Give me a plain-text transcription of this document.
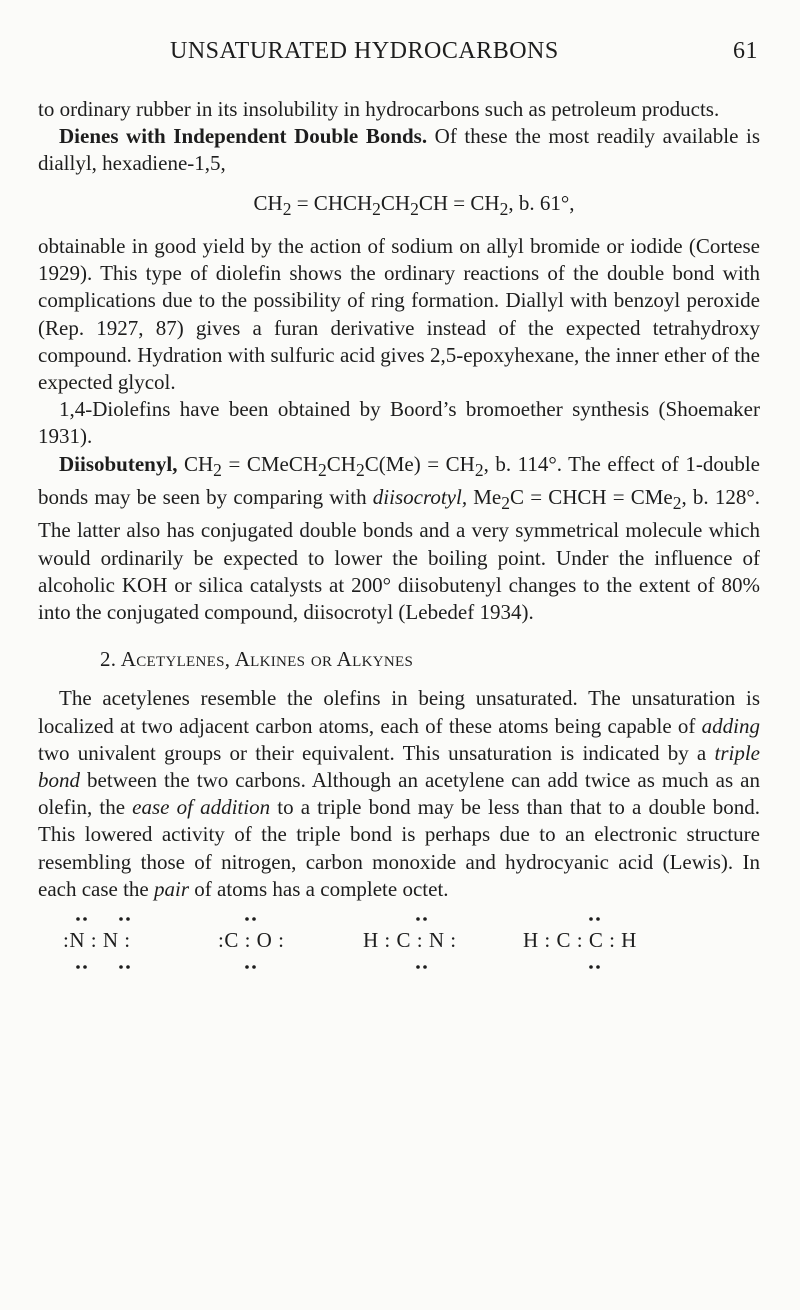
UNSATURATED HYDROCARBONS	61

to ordinary rubber in its insolubility in hydrocarbons such as petroleum products.

Dienes with Independent Double Bonds. Of these the most readily available is diallyl, hexadiene-1,5,

$CH_2$ = $CHCH_2CH_2CH = CH_2$, b. 61°,

obtainable in good yield by the action of sodium on allyl bromide or iodide (Cortese 1929). This type of diolefin shows the ordinary reactions of the double bond with complications due to the possibility of ring formation. Diallyl with benzoyl peroxide (Rep. 1927, 87) gives a furan derivative instead of the expected tetrahydroxy compound. Hydration with sulfuric acid gives 2,5-epoxyhexane, the inner ether of the expected glycol.

1,4-Diolefins have been obtained by Boord’s bromoether synthesis (Shoemaker 1931).

Diisobutenyl, $CH_2$ = $CMeCH_2CH_2C(Me) = CH_2$, b. 114°. The effect of 1-double bonds may be seen by comparing with diisocrotyl, $Me_2C$ = CHCH = CMe$_2$, b. 128°. The latter also has conjugated double bonds and a very symmetrical molecule which would ordinarily be expected to lower the boiling point. Under the influence of alcoholic KOH or silica catalysts at 200° diisobutenyl changes to the extent of 80% into the conjugated compound, diisocrotyl (Lebedef 1934).

2. Acetylenes, Alkines or Alkynes

The acetylenes resemble the olefins in being unsaturated. The unsaturation is localized at two adjacent carbon atoms, each of these atoms being capable of adding two univalent groups or their equivalent. This unsaturation is indicated by a triple bond between the two carbons. Although an acetylene can add twice as much as an olefin, the ease of addition to a triple bond may be less than that to a double bond. This lowered activity of the triple bond is perhaps due to an electronic structure resembling those of nitrogen, carbon monoxide and hydrocyanic acid (Lewis). In each case the pair of atoms has a complete octet.

:N : N :	:C : O :	H : C : N :	H : C : C : H
